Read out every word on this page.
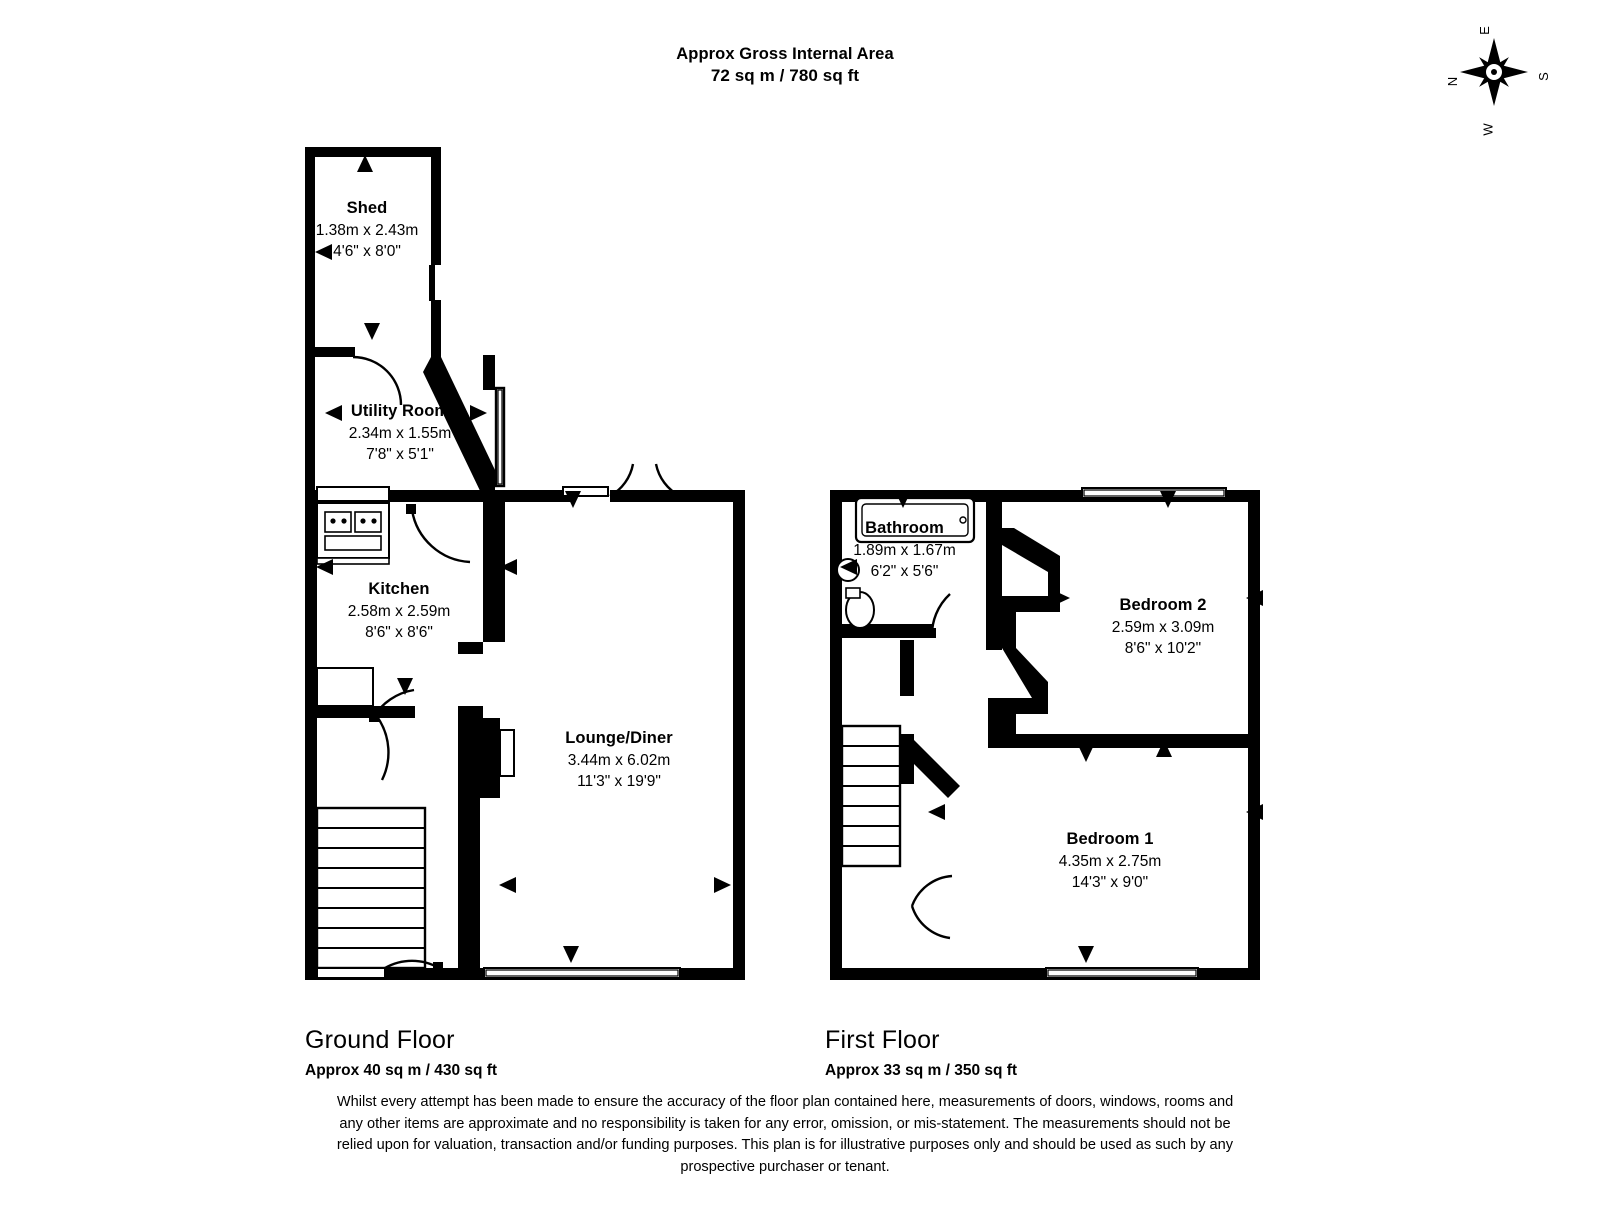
Approx Gross Internal Area
72 sq m / 780 sq ft	N
E
S
W
Shed
1.38m x 2.43m
4'6" x 8'0"
Utility Room
2.34m x 1.55m
7'8" x 5'1"
Kitchen
2.58m x 2.59m
8'6" x 8'6"
Lounge/Diner
3.44m x 6.02m
11'3" x 19'9"
Bathroom
1.89m x 1.67m
6'2" x 5'6"
Bedroom 2
2.59m x 3.09m
8'6" x 10'2"
Bedroom 1
4.35m x 2.75m
14'3" x 9'0"
Ground Floor
Approx 40 sq m / 430 sq ft
First Floor
Approx 33 sq m / 350 sq ft
Whilst every attempt has been made to ensure the accuracy of the floor plan contained here, measurements of doors, windows, rooms and
any other items are approximate and no responsibility is taken for any error, omission, or mis-statement. The measurements should not be
relied upon for valuation, transaction and/or funding purposes. This plan is for illustrative purposes only and should be used as such by any
prospective purchaser or tenant.
